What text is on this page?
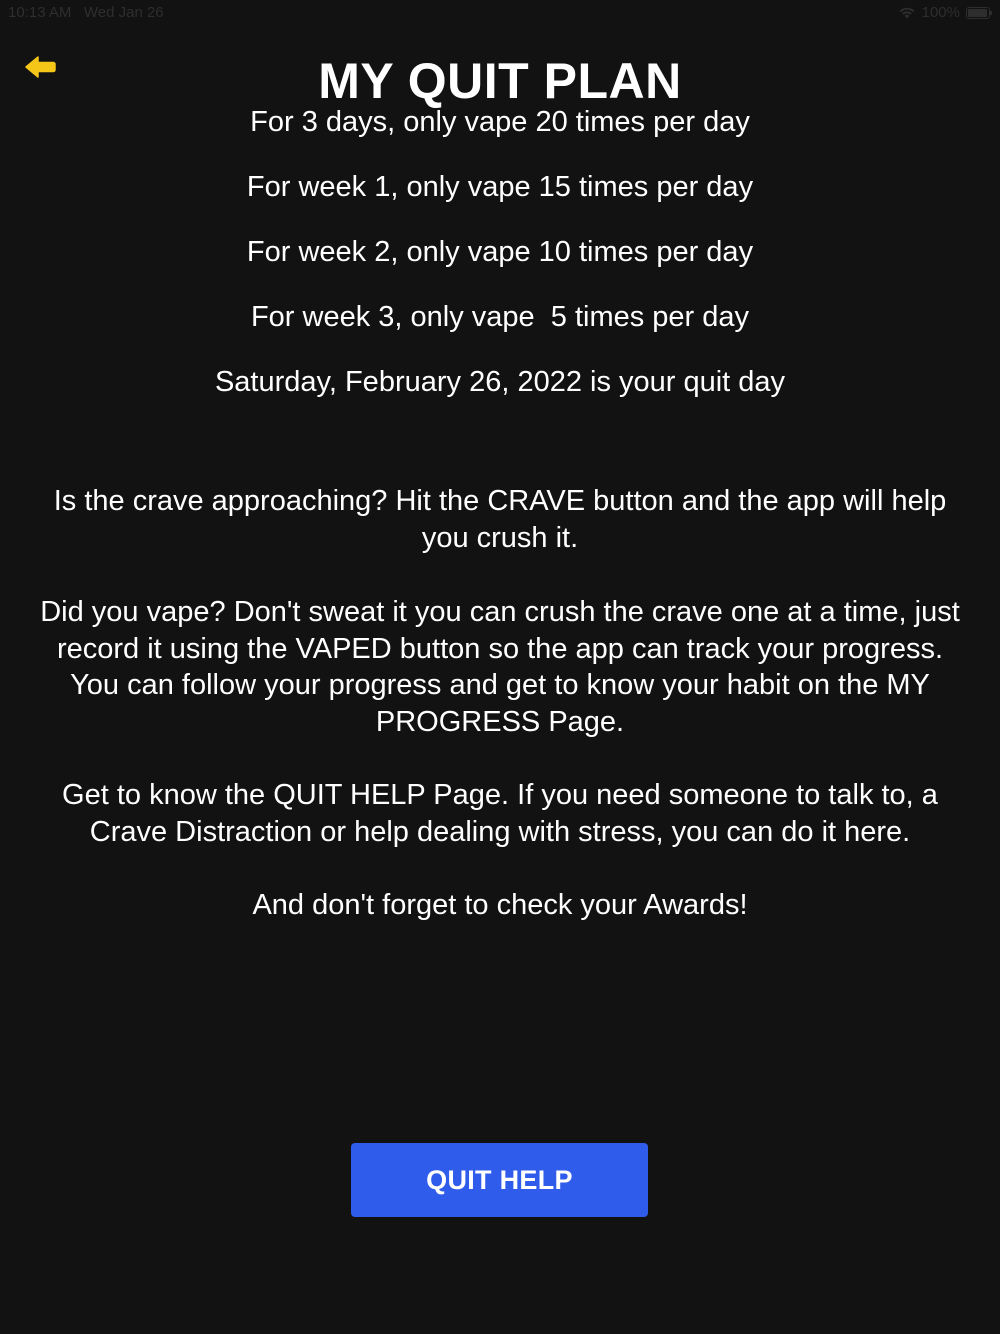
10:13 AM   Wed Jan 26	100%
MY QUIT PLAN
For 3 days, only vape 20 times per day
For week 1, only vape 15 times per day
For week 2, only vape 10 times per day
For week 3, only vape  5 times per day
Saturday, February 26, 2022 is your quit day
Is the crave approaching? Hit the CRAVE button and the app will help you crush it.
Did you vape? Don't sweat it you can crush the crave one at a time, just record it using the VAPED button so the app can track your progress. You can follow your progress and get to know your habit on the MY PROGRESS Page.
Get to know the QUIT HELP Page. If you need someone to talk to, a Crave Distraction or help dealing with stress, you can do it here.
And don't forget to check your Awards!
QUIT HELP
